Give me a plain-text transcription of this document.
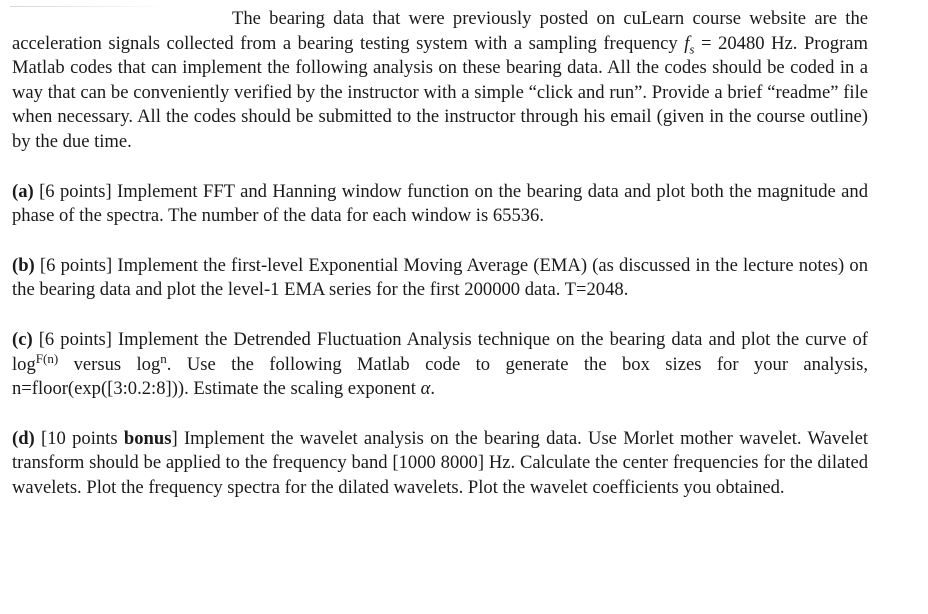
The bearing data that were previously posted on cuLearn course website are the acceleration signals collected from a bearing testing system with a sampling frequency $f_s = 20480$ Hz. Program Matlab codes that can implement the following analysis on these bearing data. All the codes should be coded in a way that can be conveniently verified by the instructor with a simple “click and run”. Provide a brief “readme” file when necessary. All the codes should be submitted to the instructor through his email (given in the course outline) by the due time.

(a) [6 points] Implement FFT and Hanning window function on the bearing data and plot both the magnitude and phase of the spectra. The number of the data for each window is 65536.

(b) [6 points] Implement the first-level Exponential Moving Average (EMA) (as discussed in the lecture notes) on the bearing data and plot the level-1 EMA series for the first 200000 data. T=2048.

(c) [6 points] Implement the Detrended Fluctuation Analysis technique on the bearing data and plot the curve of $\log^{F(n)}$ versus $\log^n$. Use the following Matlab code to generate the box sizes for your analysis, n=floor(exp([3:0.2:8])). Estimate the scaling exponent α.

(d) [10 points bonus] Implement the wavelet analysis on the bearing data. Use Morlet mother wavelet. Wavelet transform should be applied to the frequency band [1000 8000] Hz. Calculate the center frequencies for the dilated wavelets. Plot the frequency spectra for the dilated wavelets. Plot the wavelet coefficients you obtained.
